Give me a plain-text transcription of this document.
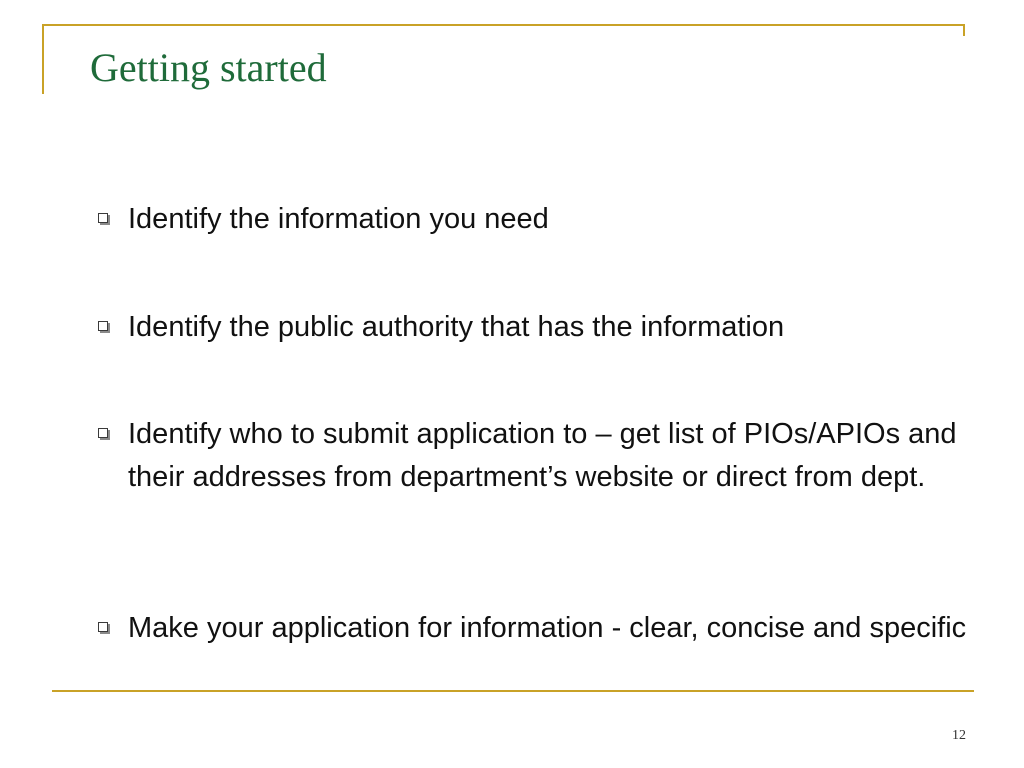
Getting started
Identify the information you need
Identify the public authority that has the information
Identify who to submit application to – get list of PIOs/APIOs and their addresses from department’s website or direct from dept.
Make your application for information - clear, concise and specific
12
